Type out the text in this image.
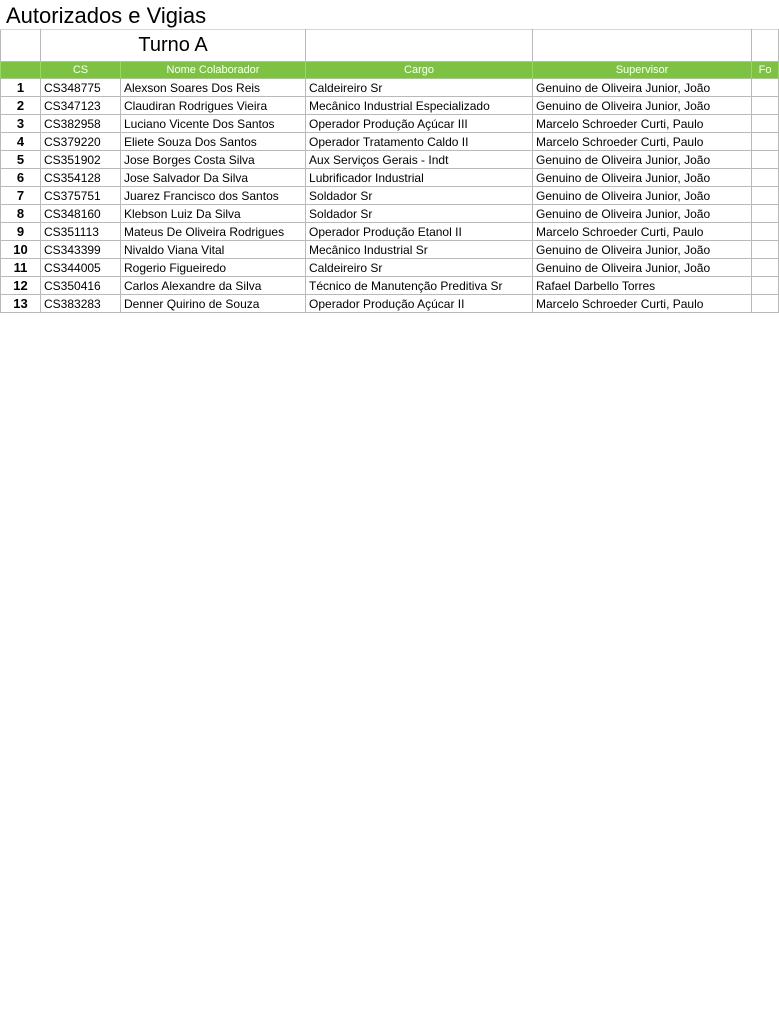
Autorizados e Vigias
	Turno A				
	CS	Nome Colaborador	Cargo	Supervisor	Fo
1	CS348775	Alexson Soares Dos Reis	Caldeireiro Sr	Genuino de Oliveira Junior, João	
2	CS347123	Claudiran Rodrigues Vieira	Mecânico Industrial Especializado	Genuino de Oliveira Junior, João	
3	CS382958	Luciano Vicente Dos Santos	Operador Produção Açúcar III	Marcelo Schroeder Curti, Paulo	
4	CS379220	Eliete Souza Dos Santos	Operador Tratamento Caldo II	Marcelo Schroeder Curti, Paulo	
5	CS351902	Jose Borges Costa Silva	Aux Serviços Gerais - Indt	Genuino de Oliveira Junior, João	
6	CS354128	Jose Salvador Da Silva	Lubrificador Industrial	Genuino de Oliveira Junior, João	
7	CS375751	Juarez Francisco dos Santos	Soldador Sr	Genuino de Oliveira Junior, João	
8	CS348160	Klebson Luiz Da Silva	Soldador Sr	Genuino de Oliveira Junior, João	
9	CS351113	Mateus De Oliveira Rodrigues	Operador Produção Etanol II	Marcelo Schroeder Curti, Paulo	
10	CS343399	Nivaldo Viana Vital	Mecânico Industrial Sr	Genuino de Oliveira Junior, João	
11	CS344005	Rogerio Figueiredo	Caldeireiro Sr	Genuino de Oliveira Junior, João	
12	CS350416	Carlos Alexandre da Silva	Técnico de Manutenção Preditiva Sr	Rafael Darbello Torres	
13	CS383283	Denner Quirino de Souza	Operador Produção Açúcar II	Marcelo Schroeder Curti, Paulo	
